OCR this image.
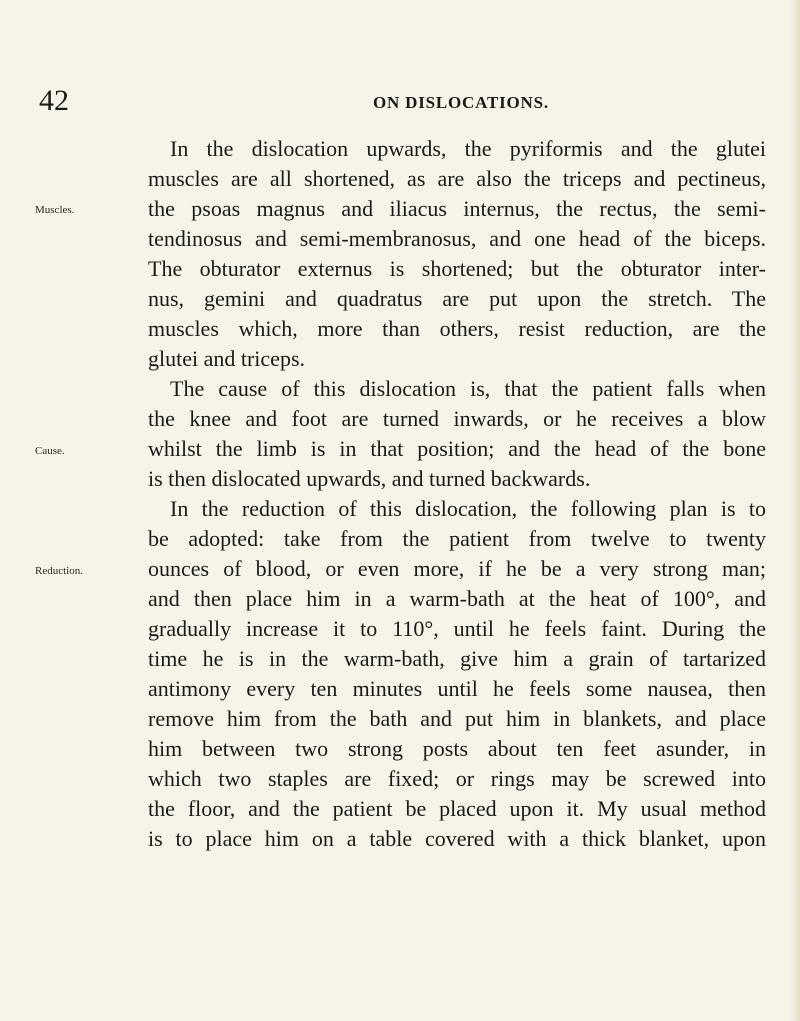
42	ON DISLOCATIONS.
Muscles.
Cause.
Reduction.
In the dislocation upwards, the pyriformis and the glutei
muscles are all shortened, as are also the triceps and pectineus,
the psoas magnus and iliacus internus, the rectus, the semi-
tendinosus and semi-membranosus, and one head of the biceps.
The obturator externus is shortened; but the obturator inter-
nus, gemini and quadratus are put upon the stretch. The
muscles which, more than others, resist reduction, are the
glutei and triceps.
The cause of this dislocation is, that the patient falls when
the knee and foot are turned inwards, or he receives a blow
whilst the limb is in that position; and the head of the bone
is then dislocated upwards, and turned backwards.
In the reduction of this dislocation, the following plan is to
be adopted: take from the patient from twelve to twenty
ounces of blood, or even more, if he be a very strong man;
and then place him in a warm-bath at the heat of 100°, and
gradually increase it to 110°, until he feels faint. During the
time he is in the warm-bath, give him a grain of tartarized
antimony every ten minutes until he feels some nausea, then
remove him from the bath and put him in blankets, and place
him between two strong posts about ten feet asunder, in
which two staples are fixed; or rings may be screwed into
the floor, and the patient be placed upon it. My usual method
is to place him on a table covered with a thick blanket, upon
